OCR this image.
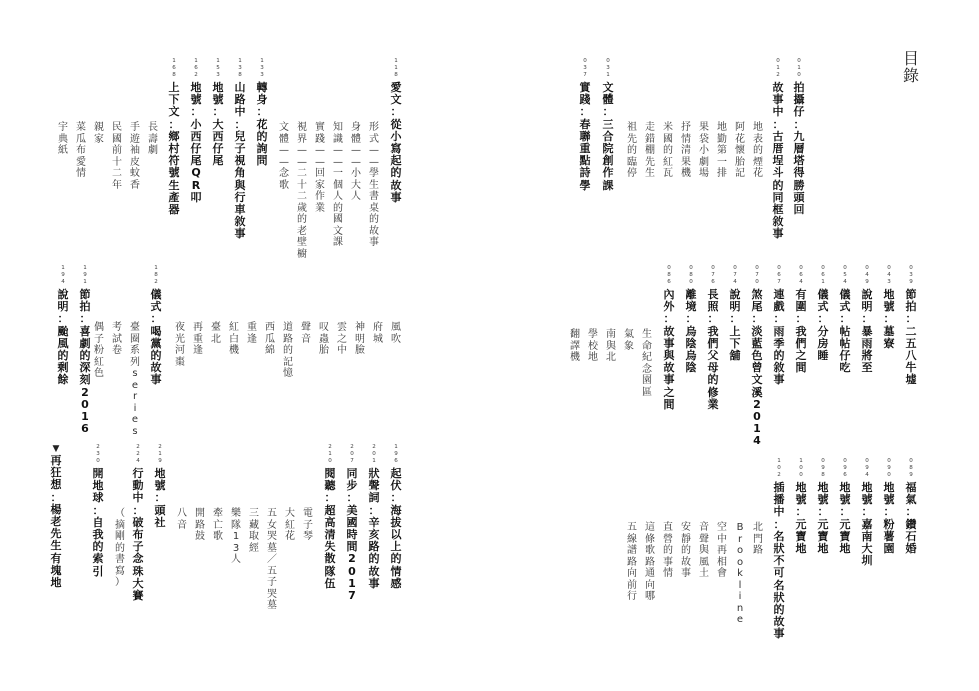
目
錄
0
1
0
拍
攝
仔
：
九
層
塔
得
勝
頭
回
0
1
2
故
事
中
：
古
厝
埕
斗
的
同
框
敘
事
地
表
的
煙
花
阿
花
懷
胎
記
地
勤
第
一
排
果
袋
小
劇
場
抒
情
清
果
機
米
國
的
紅
瓦
走
錯
棚
先
生
祖
先
的
臨
停
0
3
1
文
體
：
三
合
院
創
作
課
0
3
7
實
踐
：
春
聯
重
點
詩
學
0
3
9
節
拍
：
二
五
八
牛
墟
0
4
3
地
號
：
墓
寮
0
4
9
說
明
：
暴
雨
將
至
0
5
4
儀
式
：
帖
帖
仔
吃
0
6
1
儀
式
：
分
房
睡
0
6
4
有
圍
：
我
們
之
間
0
6
7
連
戲
：
雨
季
的
敘
事
0
7
0
煞
尾
：
淡
藍
色
曾
文
溪
2
0
1
4
0
7
4
說
明
：
上
下
舖
0
7
6
長
照
：
我
們
父
母
的
修
業
0
8
0
離
境
：
烏
陰
烏
陰
0
8
6
內
外
：
故
事
與
故
事
之
間
生
命
紀
念
園
區
氣
象
南
與
北
學
校
地
翻
譯
機
0
8
9
福
氣
：
鑽
石
婚
0
9
0
地
號
：
粉
薯
園
0
9
4
地
號
：
嘉
南
大
圳
0
9
6
地
號
：
元
寶
地
0
9
8
地
號
：
元
寶
地
1
0
0
地
號
：
元
寶
地
1
0
2
插
播
中
：
名
狀
不
可
名
狀
的
故
事
北
門
路
B
r
o
o
k
l
i
n
e
空
中
再
相
會
音
聲
與
風
土
安
靜
的
故
事
直
營
的
事
情
這
條
歌
路
通
向
哪
五
線
譜
路
向
前
行
1
1
8
愛
文
：
從
小
寫
起
的
故
事
形
式
—
—
學
生
書
桌
的
故
事
身
體
—
—
小
大
人
知
識
—
—
一
個
人
的
國
文
課
實
踐
—
—
回
家
作
業
視
界
—
—
二
十
二
歲
的
老
壁
櫥
文
體
—
—
念
歌
1
3
3
轉
身
：
花
的
詢
問
1
3
8
山
路
中
：
兒
子
視
角
與
行
車
敘
事
1
5
3
地
號
：
大
西
仔
尾
1
6
2
地
號
：
小
西
仔
尾
Q
R
叩
1
6
8
上
下
文
：
鄉
村
符
號
生
產
器
長
壽
劇
手
遊
袖
皮
蚊
香
民
國
前
十
二
年
親
家
菜
瓜
布
愛
情
宇
典
紙
風
吹
府
城
神
明
臉
雲
之
中
叹
蟲
胎
聲
音
道
路
的
記
憶
西
瓜
綿
重
逢
紅
白
機
臺
北
再
重
逢
夜
光
河
棗
1
8
2
儀
式
：
喝
黨
的
故
事
臺
圈
系
列
s
e
r
i
e
s
考
試
卷
偶
子
粉
紅
色
1
9
1
節
拍
：
喜
劇
的
深
刻
2
0
1
6
1
9
4
說
明
：
颱
風
的
剩
餘
1
9
6
起
伏
：
海
拔
以
上
的
情
感
2
0
1
狀
聲
詞
：
辛
亥
路
的
故
事
2
0
7
同
步
：
美
國
時
間
2
0
1
7
2
1
0
閱
聽
：
超
高
清
失
散
隊
伍
電
子
琴
大
紅
花
五
女
哭
墓
／
五
子
哭
墓
三
藏
取
經
樂
隊
1
3
人
牽
亡
歌
開
路
鼓
八
音
2
1
9
地
號
：
頭
社
2
2
4
行
動
中
：
破
布
子
念
珠
大
賽
（
摘
剛
的
書
寫
）
2
3
0
開
地
球
：
自
我
的
索
引
▼
再
狂
想
：
楊
老
先
生
有
塊
地
